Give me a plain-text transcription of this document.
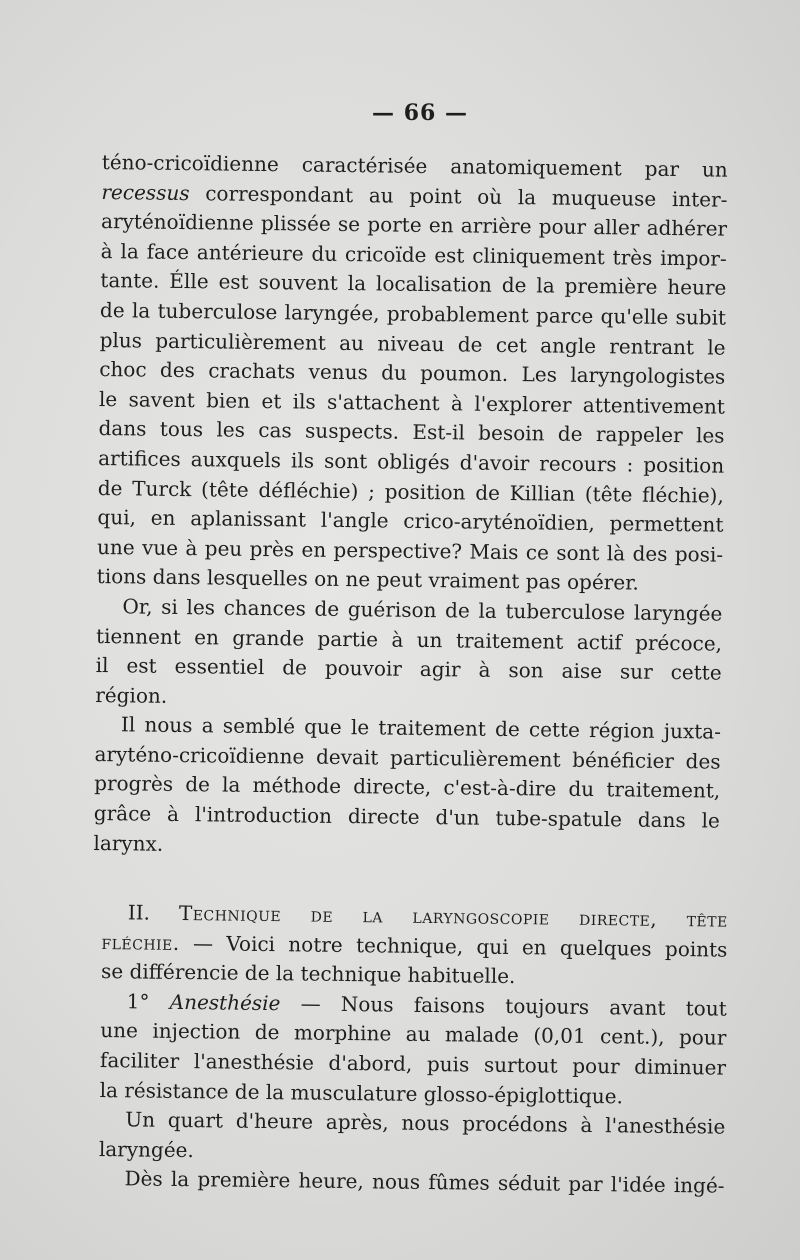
— 66 —
téno-cricoïdienne caractérisée anatomiquement par un
recessus correspondant au point où la muqueuse inter-
aryténoïdienne plissée se porte en arrière pour aller adhérer
à la face antérieure du cricoïde est cliniquement très impor-
tante. Élle est souvent la localisation de la première heure
de la tuberculose laryngée, probablement parce qu'elle subit
plus particulièrement au niveau de cet angle rentrant le
choc des crachats venus du poumon. Les laryngologistes
le savent bien et ils s'attachent à l'explorer attentivement
dans tous les cas suspects. Est-il besoin de rappeler les
artifices auxquels ils sont obligés d'avoir recours : position
de Turck (tête défléchie) ; position de Killian (tête fléchie),
qui, en aplanissant l'angle crico-aryténoïdien, permettent
une vue à peu près en perspective? Mais ce sont là des posi-
tions dans lesquelles on ne peut vraiment pas opérer.
Or, si les chances de guérison de la tuberculose laryngée
tiennent en grande partie à un traitement actif précoce,
il est essentiel de pouvoir agir à son aise sur cette
région.
Il nous a semblé que le traitement de cette région juxta-
aryténo-cricoïdienne devait particulièrement bénéficier des
progrès de la méthode directe, c'est-à-dire du traitement,
grâce à l'introduction directe d'un tube-spatule dans le
larynx.
II. Technique de la laryngoscopie directe, tête
fléchie. — Voici notre technique, qui en quelques points
se différencie de la technique habituelle.
1° Anesthésie — Nous faisons toujours avant tout
une injection de morphine au malade (0,01 cent.), pour
faciliter l'anesthésie d'abord, puis surtout pour diminuer
la résistance de la musculature glosso-épiglottique.
Un quart d'heure après, nous procédons à l'anesthésie
laryngée.
Dès la première heure, nous fûmes séduit par l'idée ingé-
